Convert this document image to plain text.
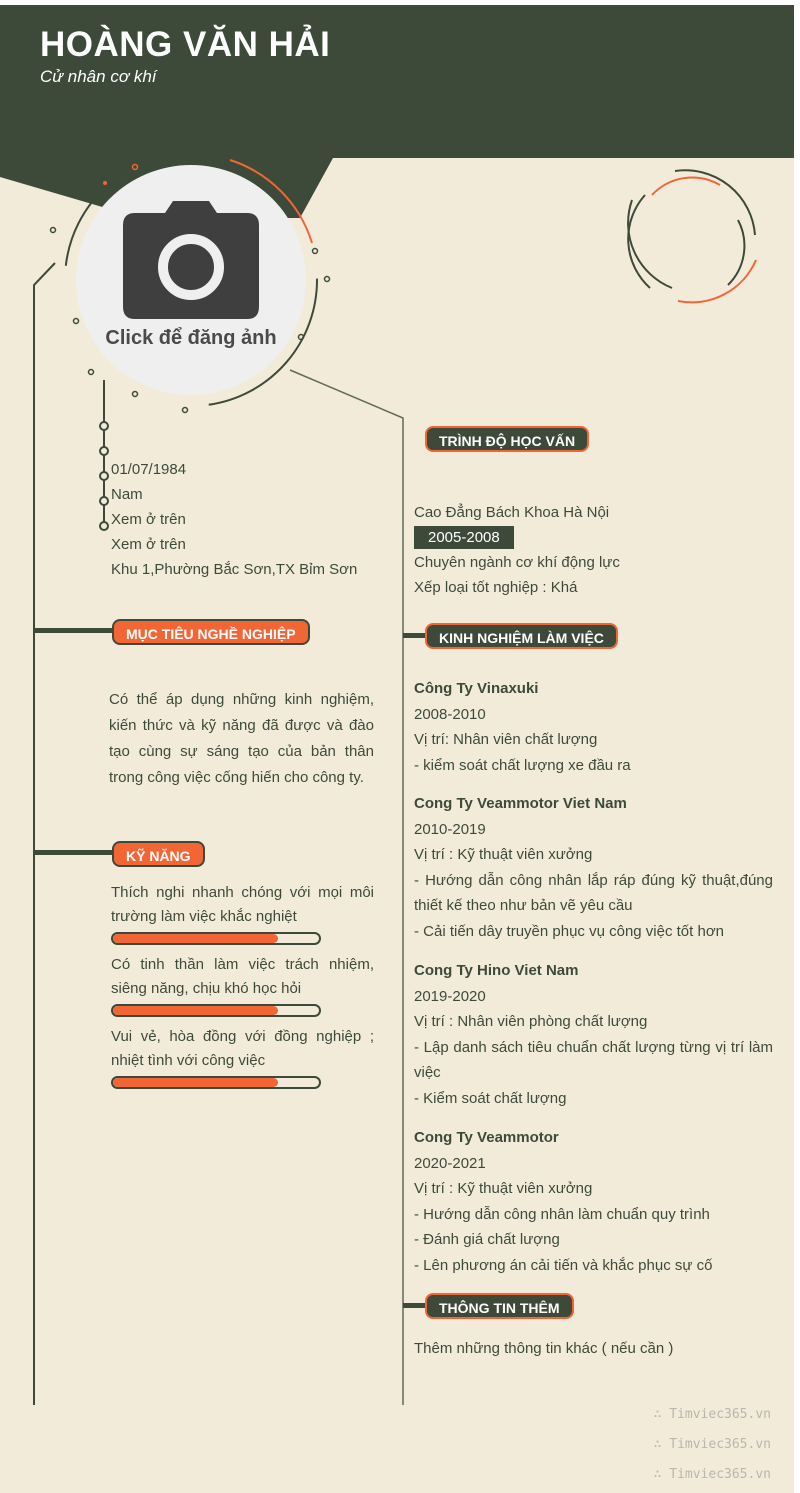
HOÀNG VĂN HẢI
Cử nhân cơ khí
Click để đăng ảnh
01/07/1984
Nam
Xem ở trên
Xem ở trên
Khu 1,Phường Bắc Sơn,TX Bỉm Sơn
MỤC TIÊU NGHỀ NGHIỆP
Có thể áp dụng những kinh nghiệm, kiến thức và kỹ năng đã được và đào tạo cùng sự sáng tạo của bản thân trong công việc cống hiến cho công ty.
KỸ NĂNG
Thích nghi nhanh chóng với mọi môi trường làm việc khắc nghiệt
Có tinh thần làm việc trách nhiệm, siêng năng, chịu khó học hỏi
Vui vẻ, hòa đồng với đồng nghiệp ; nhiệt tình với công việc
TRÌNH ĐỘ HỌC VẤN
Cao Đẳng Bách Khoa Hà Nội
2005-2008
Chuyên ngành cơ khí động lực
Xếp loại tốt nghiệp : Khá
KINH NGHIỆM LÀM VIỆC
Công Ty Vinaxuki
2008-2010
Vị trí: Nhân viên chất lượng
- kiểm soát chất lượng xe đầu ra
Cong Ty Veammotor Viet Nam
2010-2019
Vị trí : Kỹ thuật viên xưởng
- Hướng dẫn công nhân lắp ráp đúng kỹ thuật,đúng thiết kế theo như bản vẽ yêu cầu
- Cải tiến dây truyền phục vụ công việc tốt hơn
Cong Ty Hino Viet Nam
2019-2020
Vị trí : Nhân viên phòng chất lượng
- Lập danh sách tiêu chuẩn chất lượng từng vị trí làm việc
- Kiểm soát chất lượng
Cong Ty Veammotor
2020-2021
Vị trí : Kỹ thuật viên xưởng
- Hướng dẫn công nhân làm chuẩn quy trình
- Đánh giá chất lượng
- Lên phương án cải tiến và khắc phục sự cố
THÔNG TIN THÊM
Thêm những thông tin khác ( nếu cần )
∴ Timviec365.vn
∴ Timviec365.vn
∴ Timviec365.vn
